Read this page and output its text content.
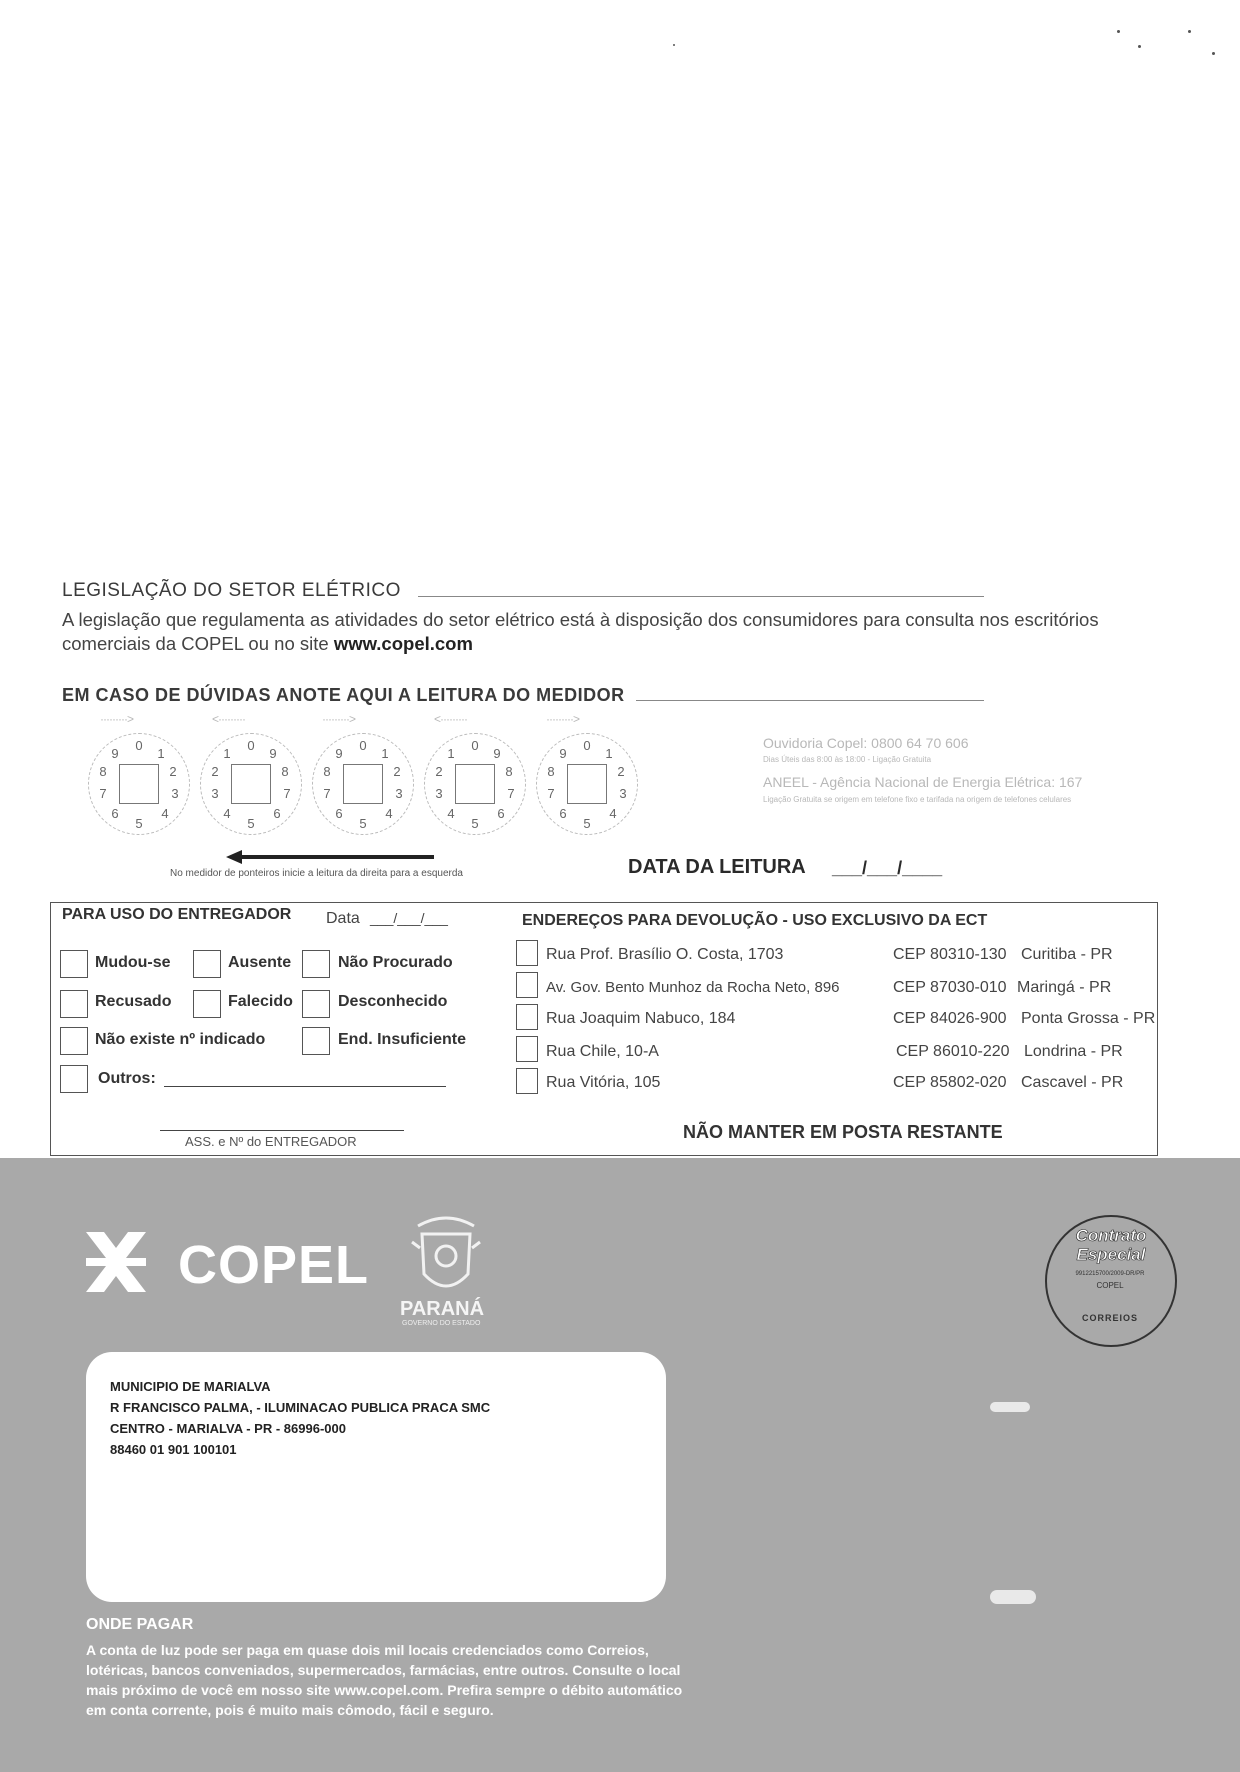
LEGISLAÇÃO DO SETOR ELÉTRICO
A legislação que regulamenta as atividades do setor elétrico está à disposição dos consumidores para consulta nos escritórios comerciais da COPEL ou no site www.copel.com
EM CASO DE DÚVIDAS ANOTE AQUI A LEITURA DO MEDIDOR
·········>	<·········	·········>	<·········	·········>
0
1
2
3
4
5
6
7
8
9
0
1
2
3
4
5
6
7
8
9
0
1
2
3
4
5
6
7
8
9
0
1
2
3
4
5
6
7
8
9
0
1
2
3
4
5
6
7
8
9
Ouvidoria Copel: 0800 64 70 606
Dias Úteis das 8:00 às 18:00 - Ligação Gratuita
ANEEL - Agência Nacional de Energia Elétrica: 167
Ligação Gratuita se origem em telefone fixo e tarifada na origem de telefones celulares
No medidor de ponteiros inicie a leitura da direita para a esquerda	DATA DA LEITURA ___/___/____
PARA USO DO ENTREGADOR Data ___/___/___
Mudou-se	Ausente	Não Procurado
Recusado	Falecido	Desconhecido
Não existe nº indicado	End. Insuficiente
Outros:
ASS. e Nº do ENTREGADOR
ENDEREÇOS PARA DEVOLUÇÃO - USO EXCLUSIVO DA ECT
Rua Prof. Brasílio O. Costa, 1703	CEP 80310-130 Curitiba - PR
Av. Gov. Bento Munhoz da Rocha Neto, 896	CEP 87030-010 Maringá - PR
Rua Joaquim Nabuco, 184	CEP 84026-900 Ponta Grossa - PR
Rua Chile, 10-A	CEP 86010-220 Londrina - PR
Rua Vitória, 105	CEP 85802-020 Cascavel - PR
NÃO MANTER EM POSTA RESTANTE
COPEL
PARANÁ
GOVERNO DO ESTADO
Contrato
Especial
9912215700/2009-DR/PR
COPEL
CORREIOS
MUNICIPIO DE MARIALVA
R FRANCISCO PALMA, - ILUMINACAO PUBLICA PRACA SMC
CENTRO - MARIALVA - PR - 86996-000
88460 01 901 100101
ONDE PAGAR
A conta de luz pode ser paga em quase dois mil locais credenciados como Correios, lotéricas, bancos conveniados, supermercados, farmácias, entre outros. Consulte o local mais próximo de você em nosso site www.copel.com. Prefira sempre o débito automático em conta corrente, pois é muito mais cômodo, fácil e seguro.
